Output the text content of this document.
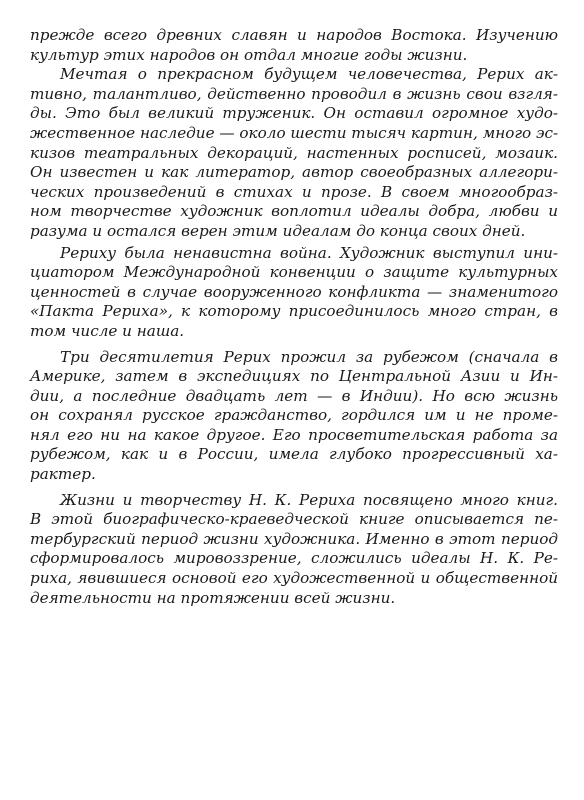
прежде всего древних славян и народов Востока. Изучению
культур этих народов он отдал многие годы жизни.
Мечтая о прекрасном будущем человечества, Рерих ак-
тивно, талантливо, действенно проводил в жизнь свои взгля-
ды. Это был великий труженик. Он оставил огромное худо-
жественное наследие — около шести тысяч картин, много эс-
кизов театральных декораций, настенных росписей, мозаик.
Он известен и как литератор, автор своеобразных аллегори-
ческих произведений в стихах и прозе. В своем многообраз-
ном творчестве художник воплотил идеалы добра, любви и
разума и остался верен этим идеалам до конца своих дней.
Рериху была ненавистна война. Художник выступил ини-
циатором Международной конвенции о защите культурных
ценностей в случае вооруженного конфликта — знаменитого
«Пакта Рериха», к которому присоединилось много стран, в
том числе и наша.
Три десятилетия Рерих прожил за рубежом (сначала в
Америке, затем в экспедициях по Центральной Азии и Ин-
дии, а последние двадцать лет — в Индии). Но всю жизнь
он сохранял русское гражданство, гордился им и не проме-
нял его ни на какое другое. Его просветительская работа за
рубежом, как и в России, имела глубоко прогрессивный ха-
рактер.
Жизни и творчеству Н. К. Рериха посвящено много книг.
В этой биографическо-краеведческой книге описывается пе-
тербургский период жизни художника. Именно в этот период
сформировалось мировоззрение, сложились идеалы Н. К. Ре-
риха, явившиеся основой его художественной и общественной деятельности на протяжении всей жизни.
